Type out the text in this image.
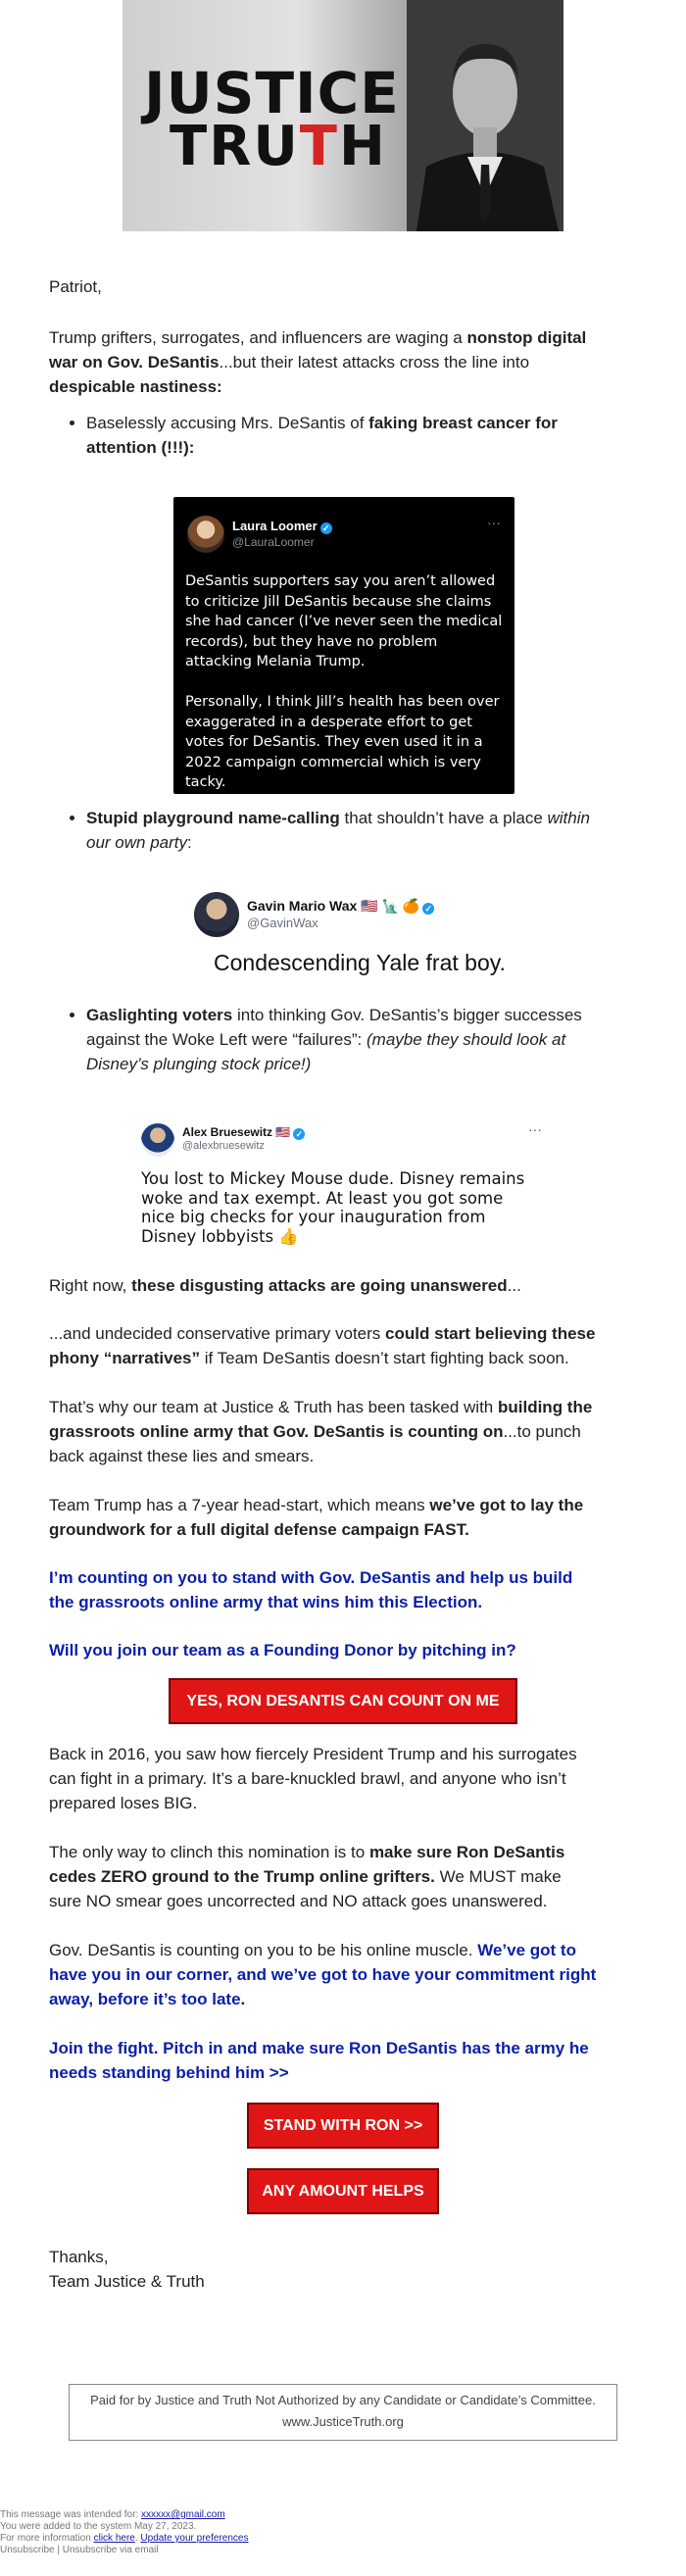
JUSTICE
TRUTH
Patriot,
Trump grifters, surrogates, and influencers are waging a nonstop digital war on Gov. DeSantis...but their latest attacks cross the line into despicable nastiness:
• Baselessly accusing Mrs. DeSantis of faking breast cancer for attention (!!!):
Laura Loomer ✓
@LauraLoomer
···
DeSantis supporters say you aren’t allowed to criticize Jill DeSantis because she claims she had cancer (I’ve never seen the medical records), but they have no problem attacking Melania Trump.

Personally, I think Jill’s health has been over exaggerated in a desperate effort to get votes for DeSantis. They even used it in a 2022 campaign commercial which is very tacky.
• Stupid playground name-calling that shouldn’t have a place within our own party:
Gavin Mario Wax 🇺🇸 🗽 🍊 ✓
@GavinWax
Condescending Yale frat boy.
• Gaslighting voters into thinking Gov. DeSantis’s bigger successes against the Woke Left were “failures”: (maybe they should look at Disney’s plunging stock price!)
Alex Bruesewitz 🇺🇸 ✓
@alexbruesewitz
···
You lost to Mickey Mouse dude. Disney remains woke and tax exempt. At least you got some nice big checks for your inauguration from Disney lobbyists 👍
Right now, these disgusting attacks are going unanswered...
...and undecided conservative primary voters could start believing these phony “narratives” if Team DeSantis doesn’t start fighting back soon.
That’s why our team at Justice & Truth has been tasked with building the grassroots online army that Gov. DeSantis is counting on...to punch back against these lies and smears.
Team Trump has a 7-year head-start, which means we’ve got to lay the groundwork for a full digital defense campaign FAST.
I’m counting on you to stand with Gov. DeSantis and help us build the grassroots online army that wins him this Election.
Will you join our team as a Founding Donor by pitching in?
YES, RON DESANTIS CAN COUNT ON ME
Back in 2016, you saw how fiercely President Trump and his surrogates can fight in a primary. It’s a bare-knuckled brawl, and anyone who isn’t prepared loses BIG.
The only way to clinch this nomination is to make sure Ron DeSantis cedes ZERO ground to the Trump online grifters. We MUST make sure NO smear goes uncorrected and NO attack goes unanswered.
Gov. DeSantis is counting on you to be his online muscle. We’ve got to have you in our corner, and we’ve got to have your commitment right away, before it’s too late.
Join the fight. Pitch in and make sure Ron DeSantis has the army he needs standing behind him >>
STAND WITH RON >>
ANY AMOUNT HELPS
Thanks,
Team Justice & Truth
Paid for by Justice and Truth Not Authorized by any Candidate or Candidate’s Committee.
www.JusticeTruth.org
This message was intended for: xxxxxx@gmail.com
You were added to the system May 27, 2023.
For more information click here. Update your preferences
Unsubscribe | Unsubscribe via email
